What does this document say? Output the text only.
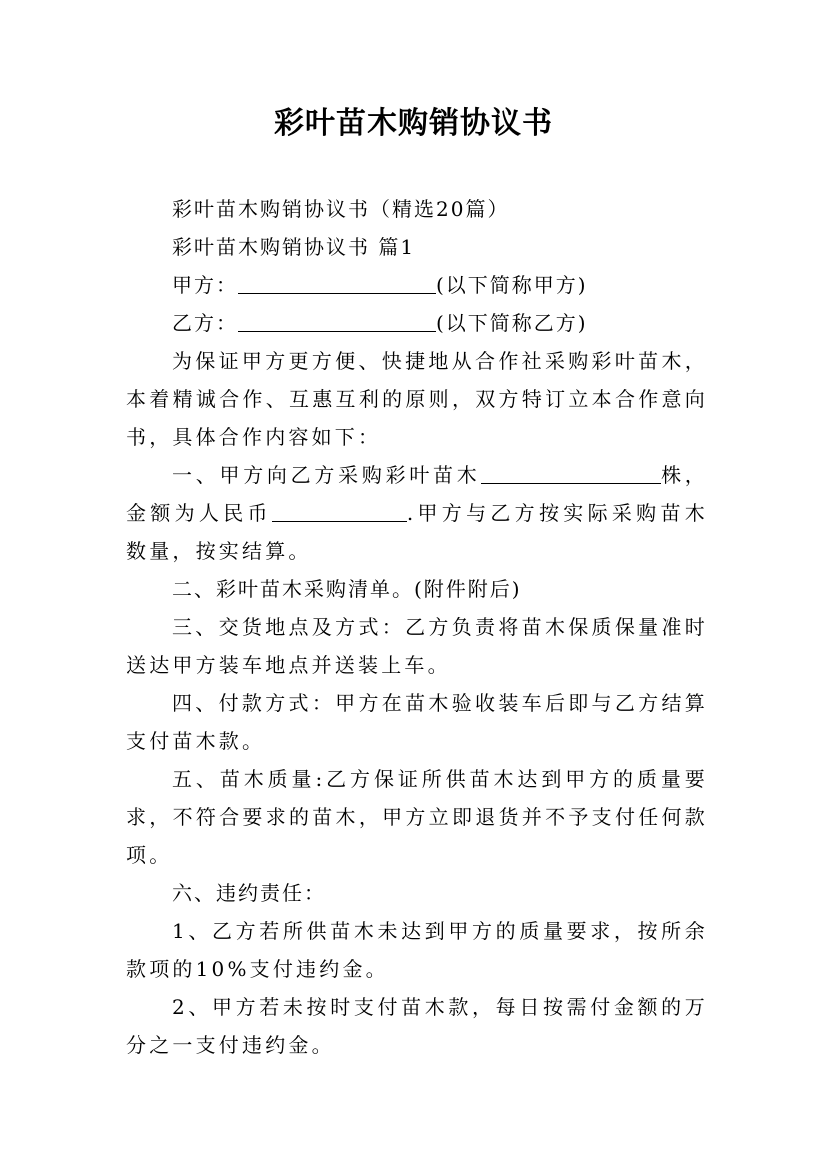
彩叶苗木购销协议书

彩叶苗木购销协议书（精选20篇）

彩叶苗木购销协议书 篇1

甲方：	(以下简称甲方)

乙方：	(以下简称乙方)

为保证甲方更方便、快捷地从合作社采购彩叶苗木，本着精诚合作、互惠互利的原则，双方特订立本合作意向书，具体合作内容如下：

一、甲方向乙方采购彩叶苗木	株，金额为人民币	.甲方与乙方按实际采购苗木数量，按实结算。

二、彩叶苗木采购清单。(附件附后)

三、交货地点及方式：乙方负责将苗木保质保量准时送达甲方装车地点并送装上车。

四、付款方式：甲方在苗木验收装车后即与乙方结算支付苗木款。

五、苗木质量:乙方保证所供苗木达到甲方的质量要求，不符合要求的苗木，甲方立即退货并不予支付任何款项。

六、违约责任：

1、乙方若所供苗木未达到甲方的质量要求，按所余款项的10%支付违约金。

2、甲方若未按时支付苗木款，每日按需付金额的万分之一支付违约金。
